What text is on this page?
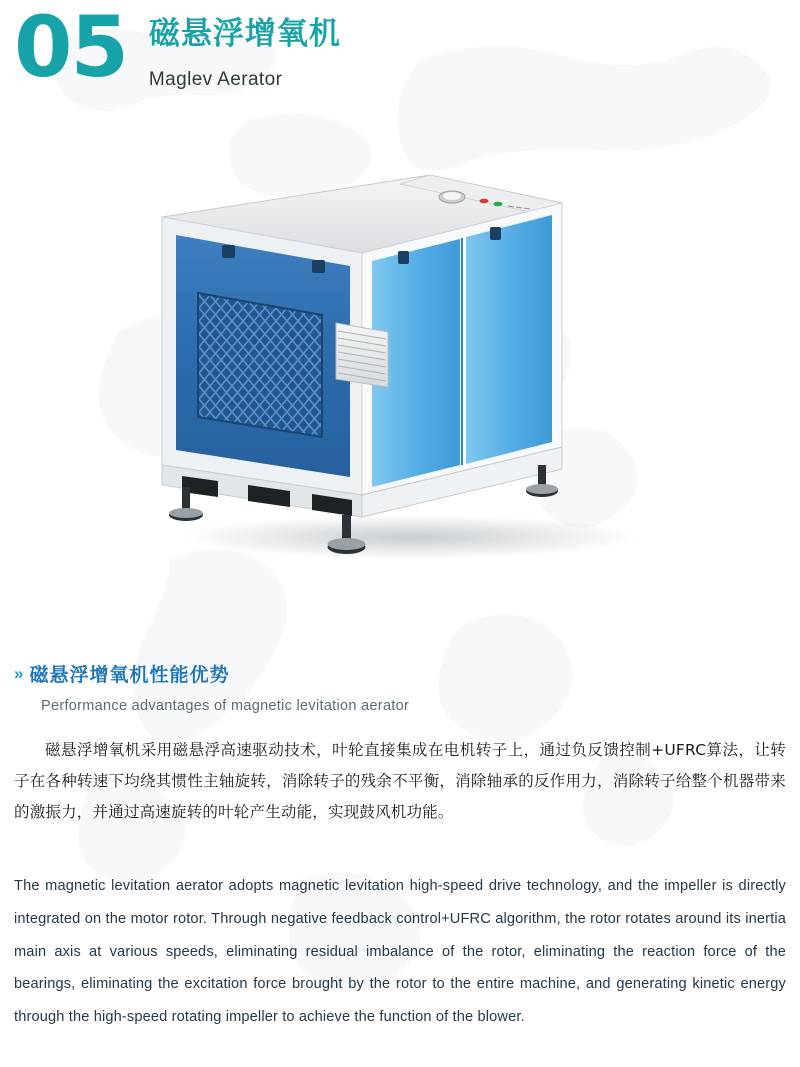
05 磁悬浮增氧机
Maglev Aerator
» 磁悬浮增氧机性能优势
Performance advantages of magnetic levitation aerator
磁悬浮增氧机采用磁悬浮高速驱动技术，叶轮直接集成在电机转子上，通过负反馈控制+UFRC算法，让转子在各种转速下均绕其惯性主轴旋转，消除转子的残余不平衡，消除轴承的反作用力，消除转子给整个机器带来的激振力，并通过高速旋转的叶轮产生动能，实现鼓风机功能。
The magnetic levitation aerator adopts magnetic levitation high-speed drive technology, and the impeller is directly integrated on the motor rotor. Through negative feedback control+UFRC algorithm, the rotor rotates around its inertia main axis at various speeds, eliminating residual imbalance of the rotor, eliminating the reaction force of the bearings, eliminating the excitation force brought by the rotor to the entire machine, and generating kinetic energy through the high-speed rotating impeller to achieve the function of the blower.
